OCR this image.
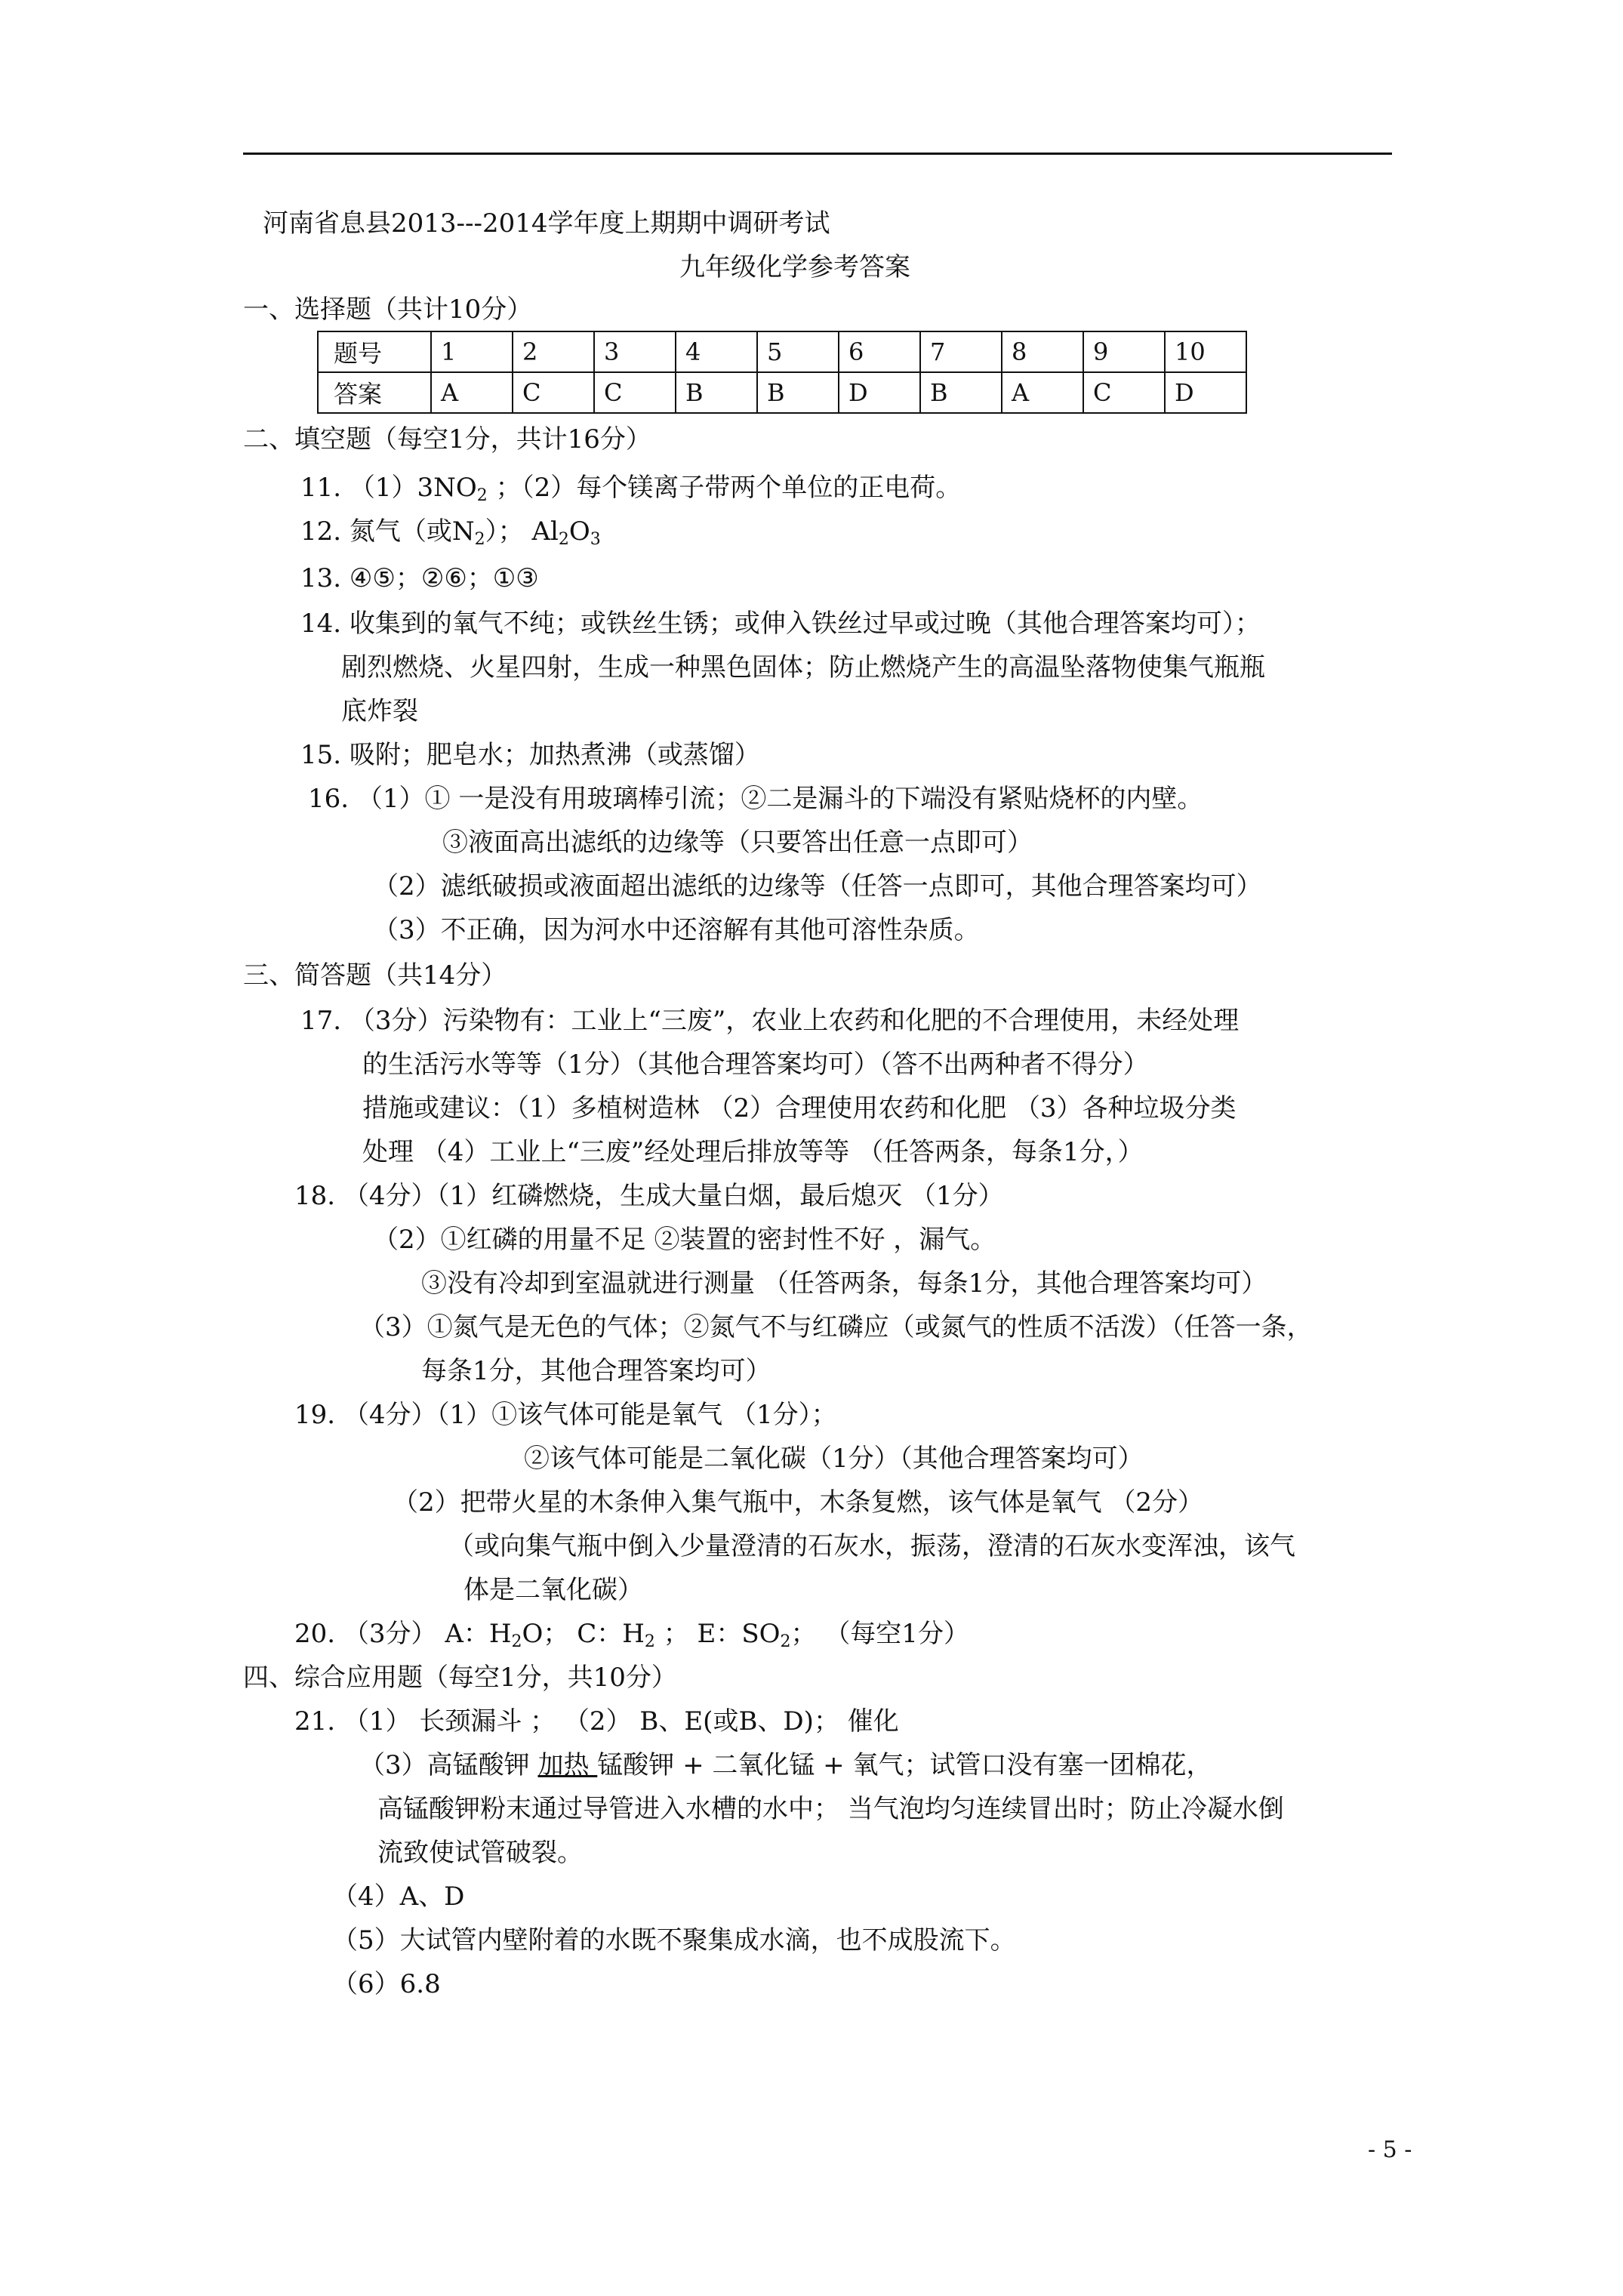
河南省息县2013---2014学年度上期期中调研考试
九年级化学参考答案
一、选择题（共计10分）
题号	1	2	3	4	5	6	7	8	9	10
答案	A	C	C	B	B	D	B	A	C	D
二、填空题（每空1分，共计16分）
11. $(1)3NO_2$ ；（2）每个镁离子带两个单位的正电荷。
12. 氮气（或$N_2$）； $Al_2O_3$
13. ④⑤；②⑥；①③
14. 收集到的氧气不纯；或铁丝生锈；或伸入铁丝过早或过晚（其他合理答案均可）；
剧烈燃烧、火星四射，生成一种黑色固体；防止燃烧产生的高温坠落物使集气瓶瓶
底炸裂
15. 吸附；肥皂水；加热煮沸（或蒸馏）
16. （1）① 一是没有用玻璃棒引流；②二是漏斗的下端没有紧贴烧杯的内壁。
③液面高出滤纸的边缘等（只要答出任意一点即可）
（2）滤纸破损或液面超出滤纸的边缘等（任答一点即可，其他合理答案均可）
（3）不正确，因为河水中还溶解有其他可溶性杂质。
三、简答题（共14分）
17. （3分）污染物有：工业上“三废”，农业上农药和化肥的不合理使用，未经处理
的生活污水等等（1分）（其他合理答案均可）（答不出两种者不得分）
措施或建议：（1）多植树造林 （2）合理使用农药和化肥 （3）各种垃圾分类
处理 （4）工业上“三废”经处理后排放等等 （任答两条，每条1分，）
18. （4分）（1）红磷燃烧，生成大量白烟，最后熄灭 （1分）
（2）①红磷的用量不足 ②装置的密封性不好 ，漏气。
③没有冷却到室温就进行测量 （任答两条，每条1分，其他合理答案均可）
（3）①氮气是无色的气体；②氮气不与红磷应（或氮气的性质不活泼）（任答一条，
每条1分，其他合理答案均可）
19. （4分）（1）①该气体可能是氧气 （1分）；
②该气体可能是二氧化碳（1分）（其他合理答案均可）
（2）把带火星的木条伸入集气瓶中，木条复燃，该气体是氧气 （2分）
（或向集气瓶中倒入少量澄清的石灰水，振荡，澄清的石灰水变浑浊，该气
体是二氧化碳）
20. （3分） A：$H_2O$； C：$H_2$ ； E：$SO_2$； （每空1分）
四、综合应用题（每空1分，共10分）
21. （1） 长颈漏斗 ； （2） B、E(或B、D)； 催化
（3）高锰酸钾 加热 锰酸钾 + 二氧化锰 + 氧气；试管口没有塞一团棉花，
高锰酸钾粉末通过导管进入水槽的水中； 当气泡均匀连续冒出时；防止冷凝水倒
流致使试管破裂。
（4）A、D
（5）大试管内壁附着的水既不聚集成水滴，也不成股流下。
（6）6.8
- 5 -
